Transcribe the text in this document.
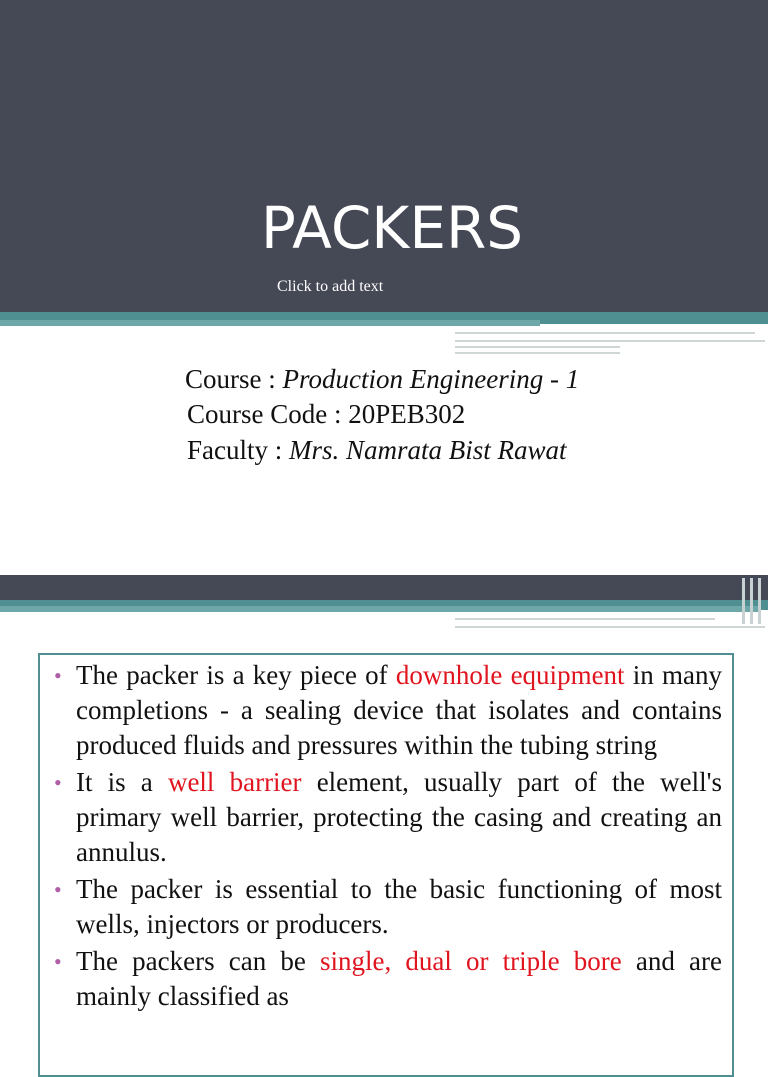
PACKERS
Click to add text
Course : Production Engineering - 1
Course Code : 20PEB302
Faculty : Mrs. Namrata Bist Rawat
• The packer is a key piece of downhole equipment in many completions - a sealing device that isolates and contains produced fluids and pressures within the tubing string
• It is a well barrier element, usually part of the well's primary well barrier, protecting the casing and creating an annulus.
• The packer is essential to the basic functioning of most wells, injectors or producers.
• The packers can be single, dual or triple bore and are mainly classified as
